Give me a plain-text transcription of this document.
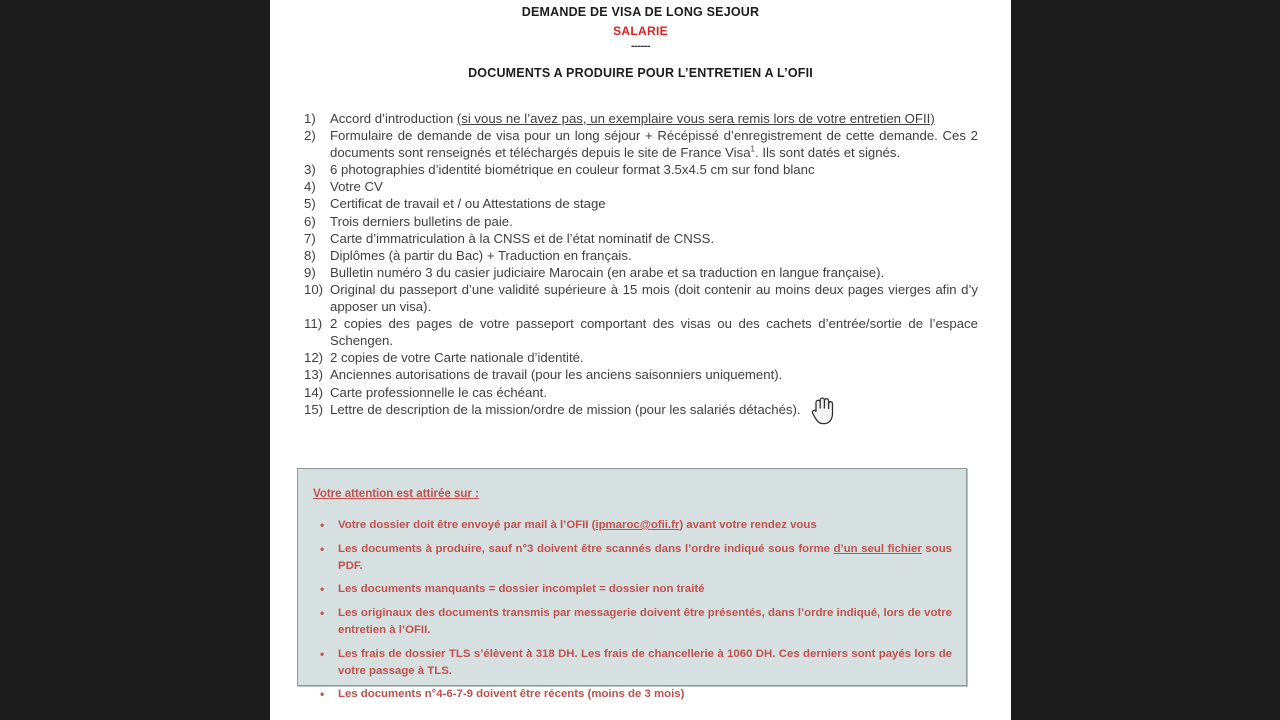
DEMANDE DE VISA DE LONG SEJOUR
SALARIE
------
DOCUMENTS A PRODUIRE POUR L’ENTRETIEN A L’OFII
1)	Accord d’introduction (si vous ne l’avez pas, un exemplaire vous sera remis lors de votre entretien OFII)
2)	Formulaire de demande de visa pour un long séjour + Récépissé d’enregistrement de cette demande. Ces 2 documents sont renseignés et téléchargés depuis le site de France Visa$^1$. Ils sont datés et signés.
3)	6 photographies d’identité biométrique en couleur format 3.5x4.5 cm sur fond blanc
4)	Votre CV
5)	Certificat de travail et / ou Attestations de stage
6)	Trois derniers bulletins de paie.
7)	Carte d’immatriculation à la CNSS et de l’état nominatif de CNSS.
8)	Diplômes (à partir du Bac) + Traduction en français.
9)	Bulletin numéro 3 du casier judiciaire Marocain (en arabe et sa traduction en langue française).
10) Original du passeport d’une validité supérieure à 15 mois (doit contenir au moins deux pages vierges afin d’y apposer un visa).
11) 2 copies des pages de votre passeport comportant des visas ou des cachets d’entrée/sortie de l’espace Schengen.
12) 2 copies de votre Carte nationale d’identité.
13) Anciennes autorisations de travail (pour les anciens saisonniers uniquement).
14) Carte professionnelle le cas échéant.
15) Lettre de description de la mission/ordre de mission (pour les salariés détachés).
Votre attention est attirée sur :
•	Votre dossier doit être envoyé par mail à l’OFII (ipmaroc@ofii.fr) avant votre rendez vous
•	Les documents à produire, sauf n°3 doivent être scannés dans l’ordre indiqué sous forme d’un seul fichier sous PDF.
•	Les documents manquants = dossier incomplet = dossier non traité
•	Les originaux des documents transmis par messagerie doivent être présentés, dans l’ordre indiqué, lors de votre entretien à l’OFII.
•	Les frais de dossier TLS s’élèvent à 318 DH. Les frais de chancellerie à 1060 DH. Ces derniers sont payés lors de votre passage à TLS.
•	Les documents n°4-6-7-9 doivent être récents (moins de 3 mois)
